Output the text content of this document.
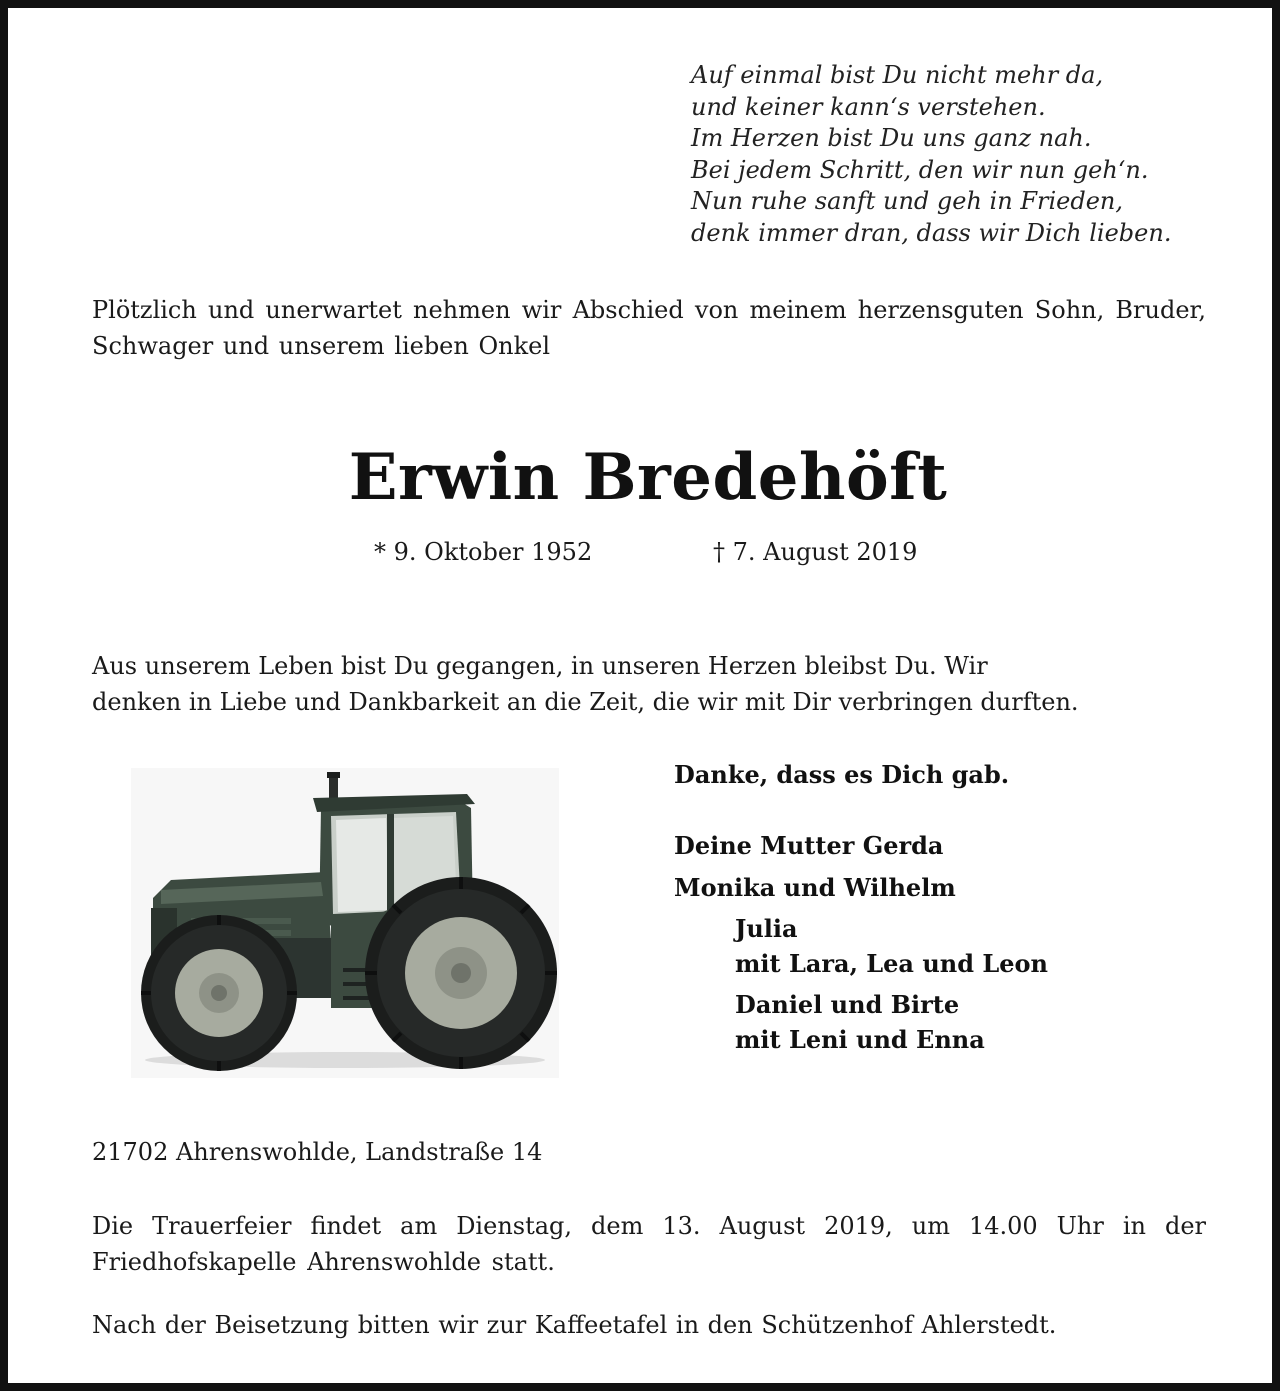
Auf einmal bist Du nicht mehr da,
und keiner kann‘s verstehen.
Im Herzen bist Du uns ganz nah.
Bei jedem Schritt, den wir nun geh‘n.
Nun ruhe sanft und geh in Frieden,
denk immer dran, dass wir Dich lieben.
Plötzlich und unerwartet nehmen wir Abschied von meinem herzensguten Sohn, Bruder, Schwager und unserem lieben Onkel
Erwin Bredehöft
* 9. Oktober 1952	† 7. August 2019
Aus unserem Leben bist Du gegangen, in unseren Herzen bleibst Du. Wir
denken in Liebe und Dankbarkeit an die Zeit, die wir mit Dir verbringen durften.
Danke, dass es Dich gab.
Deine Mutter Gerda
Monika und Wilhelm
Julia
mit Lara, Lea und Leon
Daniel und Birte
mit Leni und Enna
21702 Ahrenswohlde, Landstraße 14
Die Trauerfeier findet am Dienstag, dem 13. August 2019, um 14.00 Uhr in der Friedhofskapelle Ahrenswohlde statt.
Nach der Beisetzung bitten wir zur Kaffeetafel in den Schützenhof Ahlerstedt.
